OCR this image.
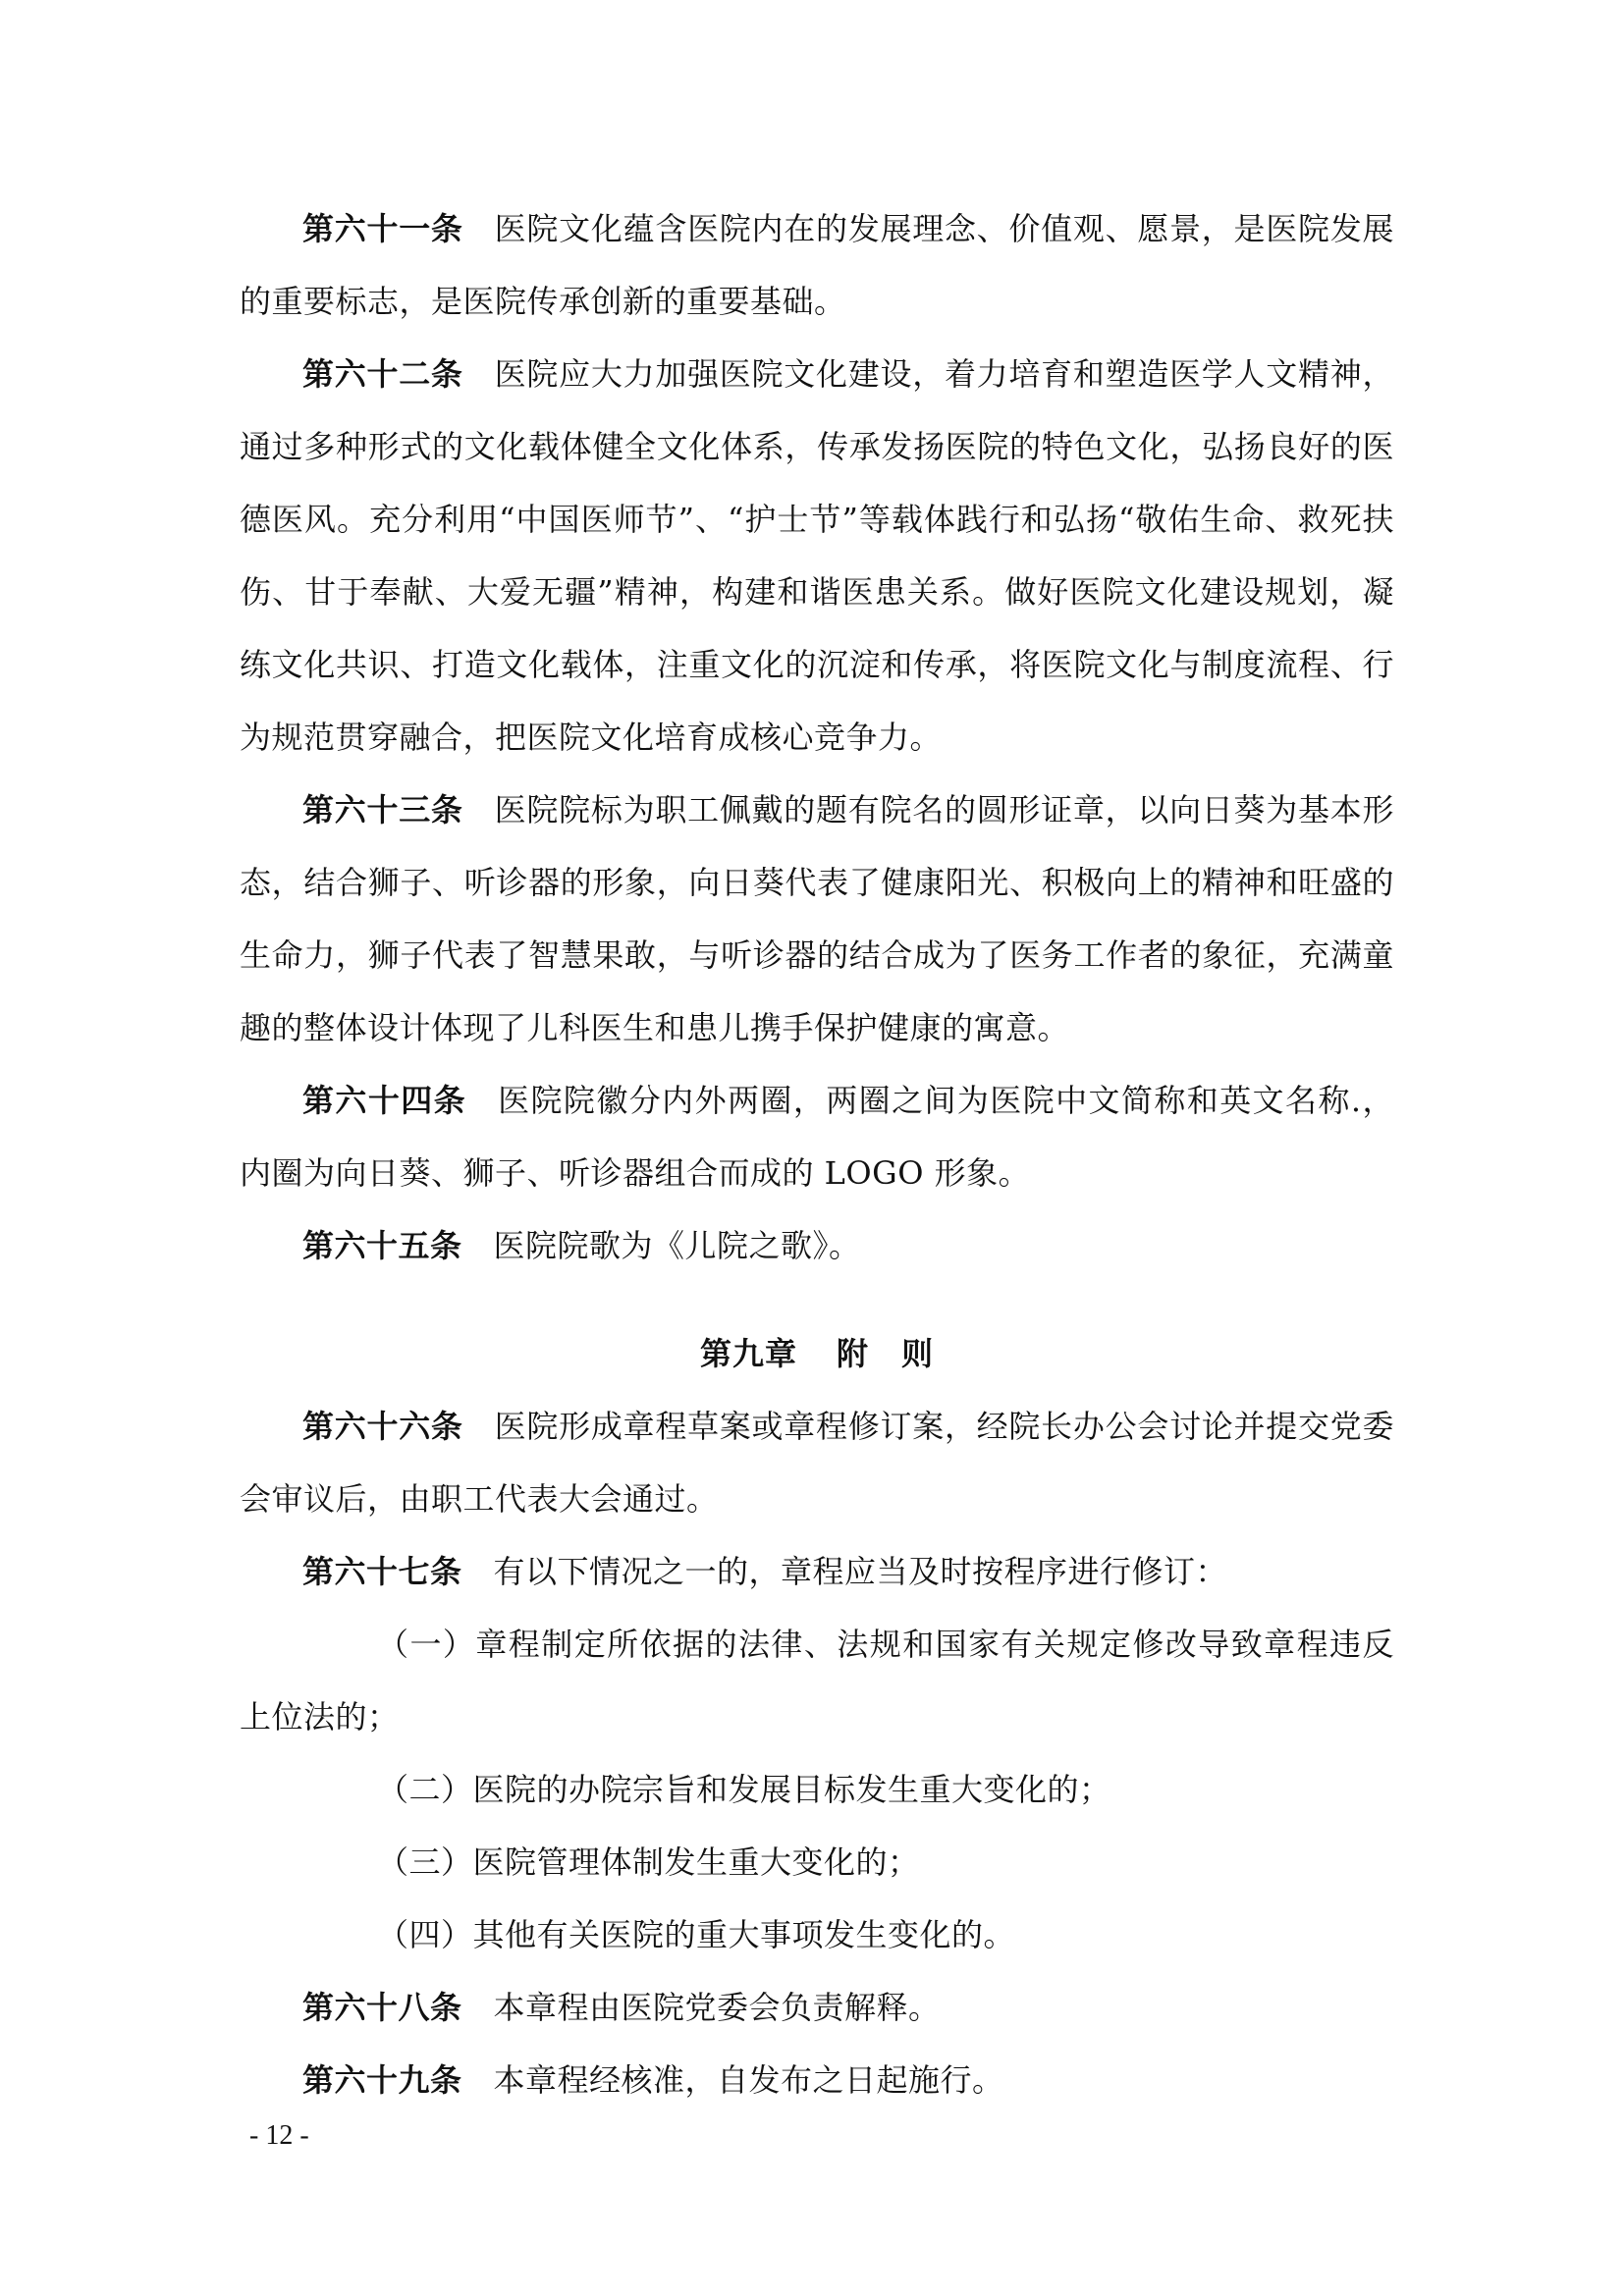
第六十一条 医院文化蕴含医院内在的发展理念、价值观、愿景，是医院发展的重要标志，是医院传承创新的重要基础。

第六十二条 医院应大力加强医院文化建设，着力培育和塑造医学人文精神，通过多种形式的文化载体健全文化体系，传承发扬医院的特色文化，弘扬良好的医德医风。充分利用“中国医师节”、“护士节”等载体践行和弘扬“敬佑生命、救死扶伤、甘于奉献、大爱无疆”精神，构建和谐医患关系。做好医院文化建设规划，凝练文化共识、打造文化载体，注重文化的沉淀和传承，将医院文化与制度流程、行为规范贯穿融合，把医院文化培育成核心竞争力。

第六十三条 医院院标为职工佩戴的题有院名的圆形证章，以向日葵为基本形态，结合狮子、听诊器的形象，向日葵代表了健康阳光、积极向上的精神和旺盛的生命力，狮子代表了智慧果敢，与听诊器的结合成为了医务工作者的象征，充满童趣的整体设计体现了儿科医生和患儿携手保护健康的寓意。

第六十四条 医院院徽分内外两圈，两圈之间为医院中文简称和英文名称.，内圈为向日葵、狮子、听诊器组合而成的 LOGO 形象。

第六十五条 医院院歌为《儿院之歌》。

第九章 附　则

第六十六条 医院形成章程草案或章程修订案，经院长办公会讨论并提交党委会审议后，由职工代表大会通过。

第六十七条 有以下情况之一的，章程应当及时按程序进行修订：

（一）章程制定所依据的法律、法规和国家有关规定修改导致章程违反上位法的；

（二）医院的办院宗旨和发展目标发生重大变化的；

（三）医院管理体制发生重大变化的；

（四）其他有关医院的重大事项发生变化的。

第六十八条 本章程由医院党委会负责解释。

第六十九条 本章程经核准，自发布之日起施行。

- 12 -
